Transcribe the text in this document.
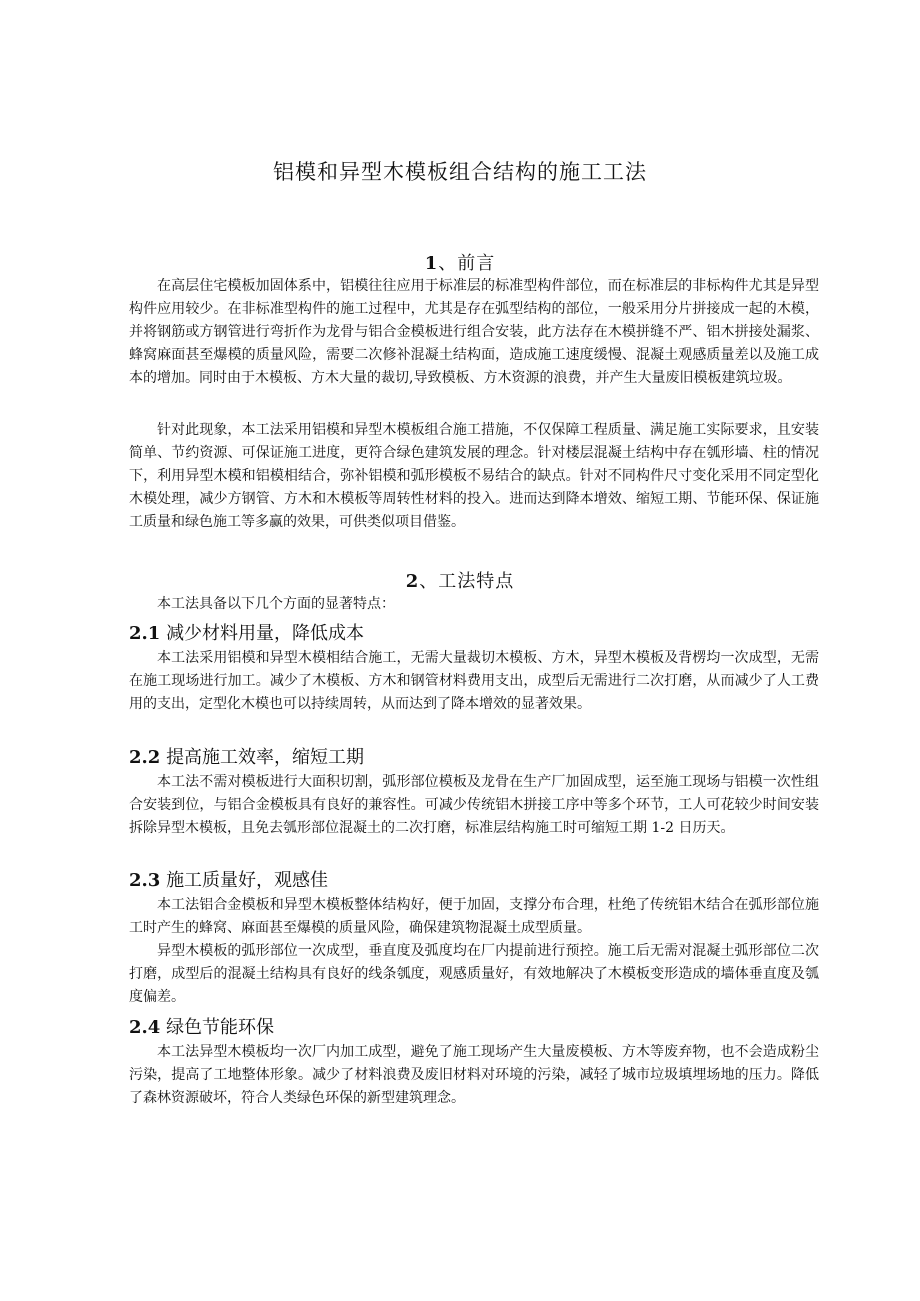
铝模和异型木模板组合结构的施工工法
1、前言

在高层住宅模板加固体系中，铝模往往应用于标准层的标准型构件部位，而在标准层的非标构件尤其是异型构件应用较少。在非标准型构件的施工过程中，尤其是存在弧型结构的部位，一般采用分片拼接成一起的木模，并将钢筋或方钢管进行弯折作为龙骨与铝合金模板进行组合安装，此方法存在木模拼缝不严、铝木拼接处漏浆、蜂窝麻面甚至爆模的质量风险，需要二次修补混凝土结构面，造成施工速度缓慢、混凝土观感质量差以及施工成本的增加。同时由于木模板、方木大量的裁切,导致模板、方木资源的浪费，并产生大量废旧模板建筑垃圾。

针对此现象，本工法采用铝模和异型木模板组合施工措施，不仅保障工程质量、满足施工实际要求，且安装简单、节约资源、可保证施工进度，更符合绿色建筑发展的理念。针对楼层混凝土结构中存在瓠形墙、柱的情况下，利用异型木模和铝模相结合，弥补铝模和弧形模板不易结合的缺点。针对不同构件尺寸变化采用不同定型化木模处理，减少方钢管、方木和木模板等周转性材料的投入。进而达到降本增效、缩短工期、节能环保、保证施工质量和绿色施工等多赢的效果，可供类似项目借鉴。

2、工法特点

本工法具备以下几个方面的显著特点：

2.1 减少材料用量，降低成本

本工法采用铝模和异型木模相结合施工，无需大量裁切木模板、方木，异型木模板及背楞均一次成型，无需在施工现场进行加工。减少了木模板、方木和钢管材料费用支出，成型后无需进行二次打磨，从而减少了人工费用的支出，定型化木模也可以持续周转，从而达到了降本增效的显著效果。

2.2 提高施工效率，缩短工期

本工法不需对模板进行大面积切割，弧形部位模板及龙骨在生产厂加固成型，运至施工现场与铝模一次性组合安装到位，与铝合金模板具有良好的兼容性。可减少传统铝木拼接工序中等多个环节，工人可花较少时间安装拆除异型木模板，且免去瓠形部位混凝土的二次打磨，标准层结构施工时可缩短工期 1-2 日历天。

2.3 施工质量好，观感佳

本工法铝合金模板和异型木模板整体结构好，便于加固，支撑分布合理，杜绝了传统铝木结合在弧形部位施工时产生的蜂窝、麻面甚至爆模的质量风险，确保建筑物混凝土成型质量。

异型木模板的弧形部位一次成型，垂直度及弧度均在厂内提前进行预控。施工后无需对混凝土弧形部位二次打磨，成型后的混凝土结构具有良好的线条瓠度，观感质量好，有效地解决了木模板变形造成的墙体垂直度及瓠度偏差。

2.4 绿色节能环保

本工法异型木模板均一次厂内加工成型，避免了施工现场产生大量废模板、方木等废弃物，也不会造成粉尘污染，提高了工地整体形象。减少了材料浪费及废旧材料对环境的污染，减轻了城市垃圾填埋场地的压力。降低了森林资源破坏，符合人类绿色环保的新型建筑理念。
